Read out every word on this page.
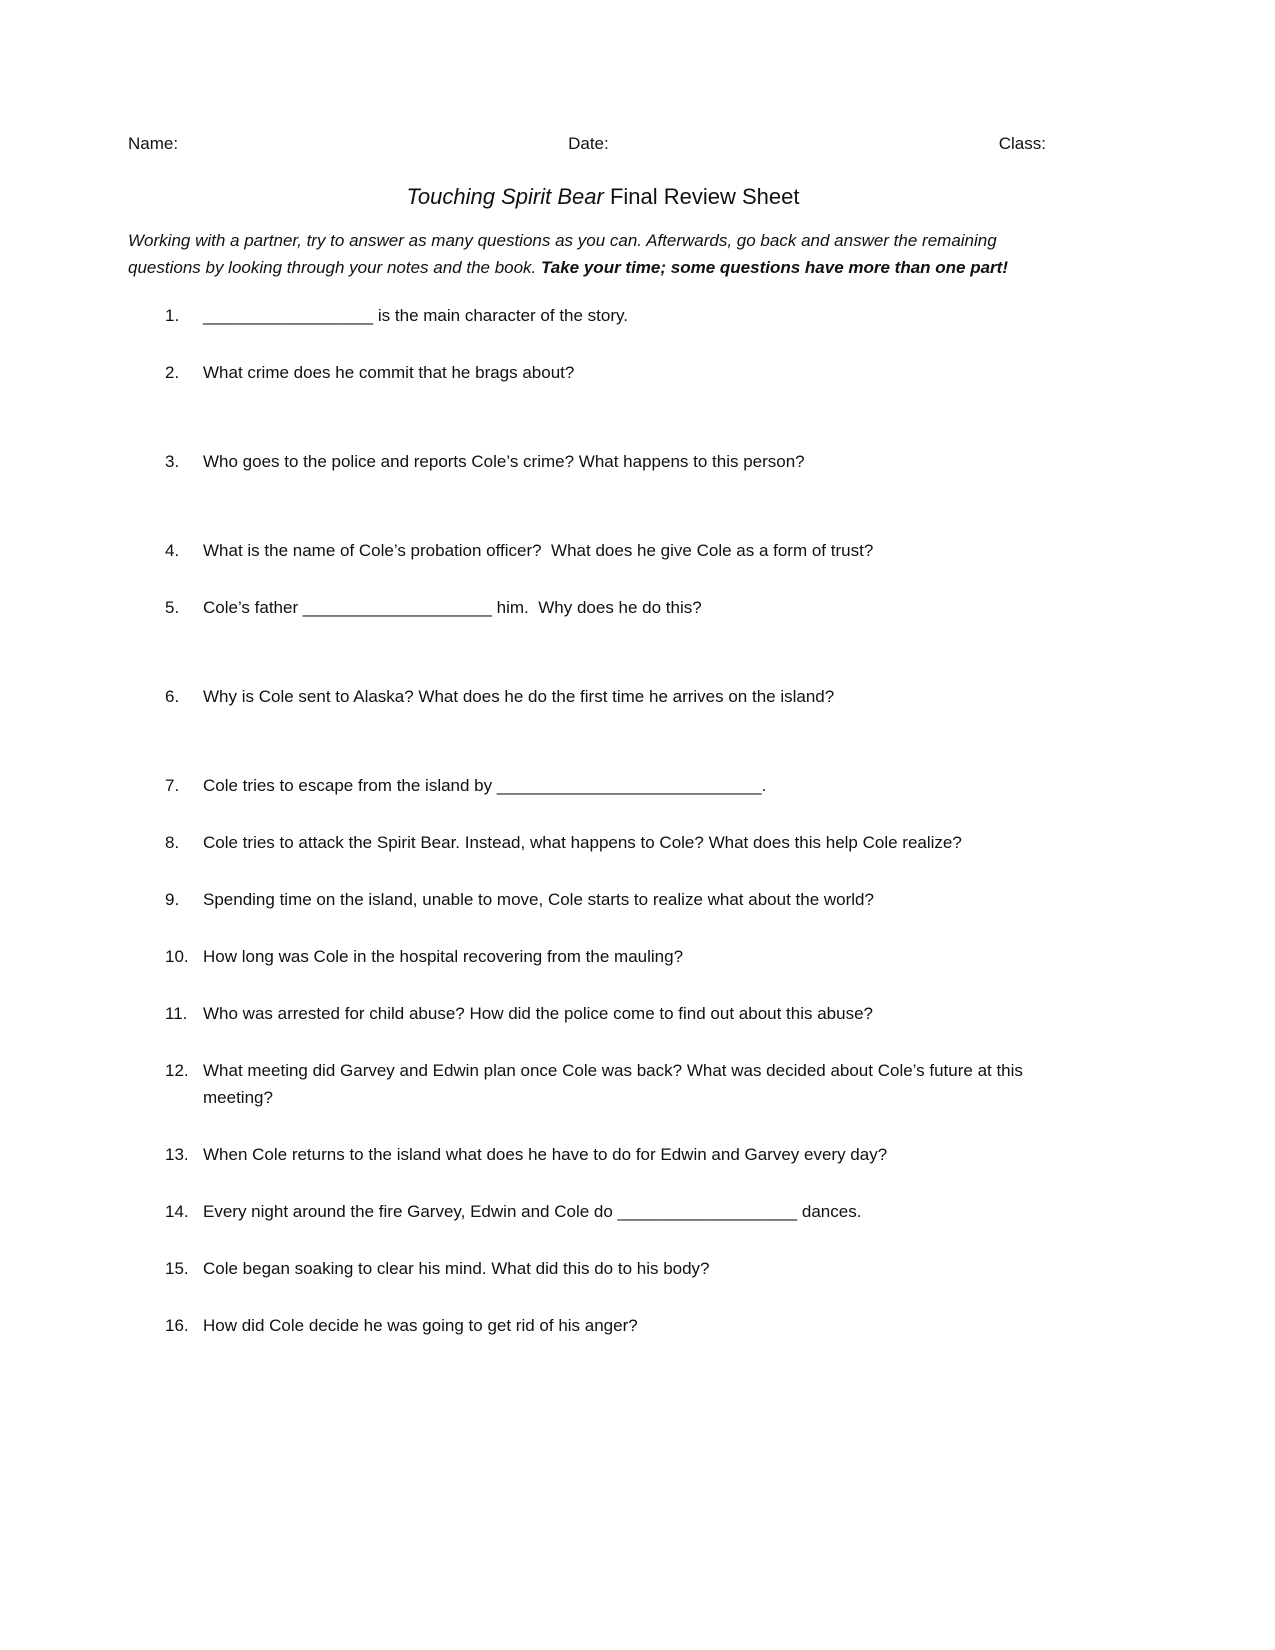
Name:	Date:	Class:
Touching Spirit Bear Final Review Sheet
Working with a partner, try to answer as many questions as you can. Afterwards, go back and answer the remaining questions by looking through your notes and the book. Take your time; some questions have more than one part!
1.	__________________ is the main character of the story.
2.	What crime does he commit that he brags about?
3.	Who goes to the police and reports Cole’s crime? What happens to this person?
4.	What is the name of Cole’s probation officer?  What does he give Cole as a form of trust?
5.	Cole’s father ____________________ him.  Why does he do this?
6.	Why is Cole sent to Alaska? What does he do the first time he arrives on the island?
7.	Cole tries to escape from the island by ____________________________.
8.	Cole tries to attack the Spirit Bear. Instead, what happens to Cole? What does this help Cole realize?
9.	Spending time on the island, unable to move, Cole starts to realize what about the world?
10. How long was Cole in the hospital recovering from the mauling?
11. Who was arrested for child abuse? How did the police come to find out about this abuse?
12. What meeting did Garvey and Edwin plan once Cole was back? What was decided about Cole’s future at this meeting?
13. When Cole returns to the island what does he have to do for Edwin and Garvey every day?
14. Every night around the fire Garvey, Edwin and Cole do ___________________ dances.
15. Cole began soaking to clear his mind. What did this do to his body?
16. How did Cole decide he was going to get rid of his anger?
